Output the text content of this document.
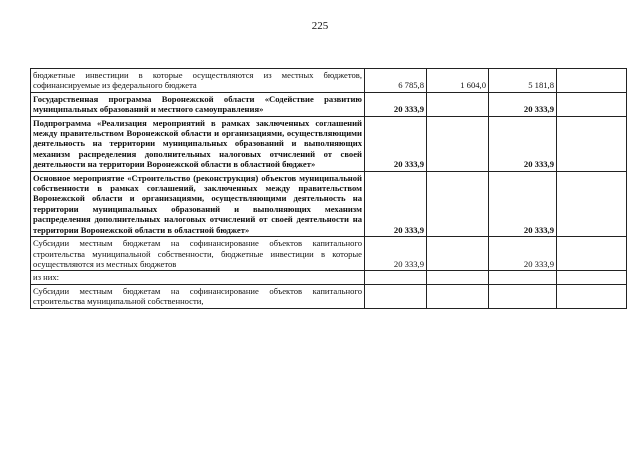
225
бюджетные инвестиции в которые осуществляются из местных бюджетов, софинансируемые из федерального бюджета	6 785,8	1 604,0	5 181,8	
Государственная программа Воронежской области «Содействие развитию муниципальных образований и местного самоуправления»	20 333,9		20 333,9	
Подпрограмма «Реализация мероприятий в рамках заключенных соглашений между правительством Воронежской области и организациями, осуществляющими деятельность на территории муниципальных образований и выполняющих механизм распределения дополнительных налоговых отчислений от своей деятельности на территории Воронежской области в областной бюджет»	20 333,9		20 333,9	
Основное мероприятие «Строительство (реконструкция) объектов муниципальной собственности в рамках соглашений, заключенных между правительством Воронежской области и организациями, осуществляющими деятельность на территории муниципальных образований и выполняющих механизм распределения дополнительных налоговых отчислений от своей деятельности на территории Воронежской области в областной бюджет»	20 333,9		20 333,9	
Субсидии местным бюджетам на софинансирование объектов капитального строительства муниципальной собственности, бюджетные инвестиции в которые осуществляются из местных бюджетов	20 333,9		20 333,9	
из них:				
Субсидии местным бюджетам на софинансирование объектов капитального строительства муниципальной собственности,				
